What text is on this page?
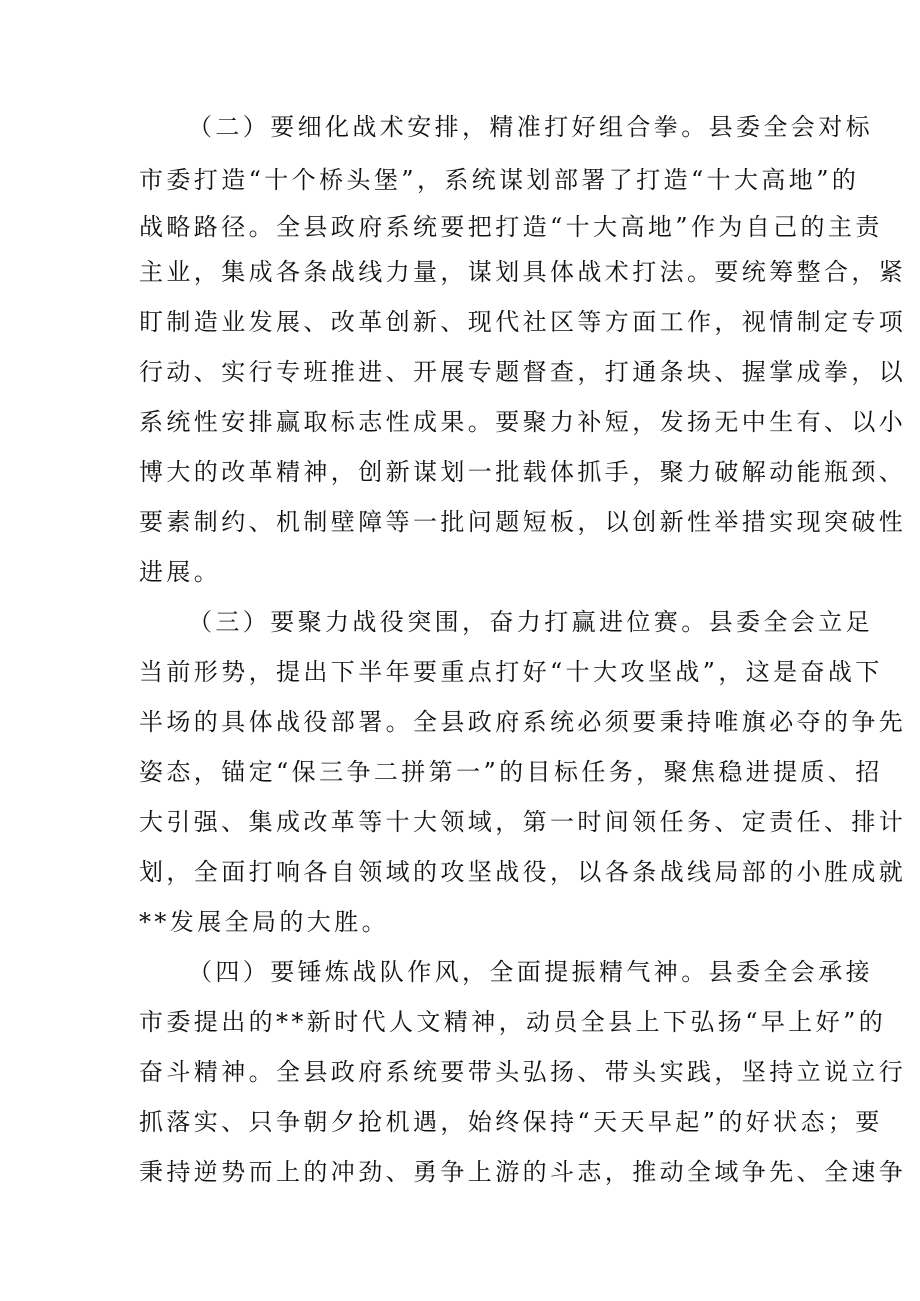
（二）要细化战术安排，精准打好组合拳。县委全会对标
市委打造“十个桥头堡”，系统谋划部署了打造“十大高地”的
战略路径。全县政府系统要把打造“十大高地”作为自己的主责
主业，集成各条战线力量，谋划具体战术打法。要统筹整合，紧
盯制造业发展、改革创新、现代社区等方面工作，视情制定专项
行动、实行专班推进、开展专题督查，打通条块、握掌成拳，以
系统性安排赢取标志性成果。要聚力补短，发扬无中生有、以小
博大的改革精神，创新谋划一批载体抓手，聚力破解动能瓶颈、
要素制约、机制壁障等一批问题短板，以创新性举措实现突破性
进展。
（三）要聚力战役突围，奋力打赢进位赛。县委全会立足
当前形势，提出下半年要重点打好“十大攻坚战”，这是奋战下
半场的具体战役部署。全县政府系统必须要秉持唯旗必夺的争先
姿态，锚定“保三争二拼第一”的目标任务，聚焦稳进提质、招
大引强、集成改革等十大领域，第一时间领任务、定责任、排计
划，全面打响各自领域的攻坚战役，以各条战线局部的小胜成就
**发展全局的大胜。
（四）要锤炼战队作风，全面提振精气神。县委全会承接
市委提出的**新时代人文精神，动员全县上下弘扬“早上好”的
奋斗精神。全县政府系统要带头弘扬、带头实践，坚持立说立行
抓落实、只争朝夕抢机遇，始终保持“天天早起”的好状态；要
秉持逆势而上的冲劲、勇争上游的斗志，推动全域争先、全速争
